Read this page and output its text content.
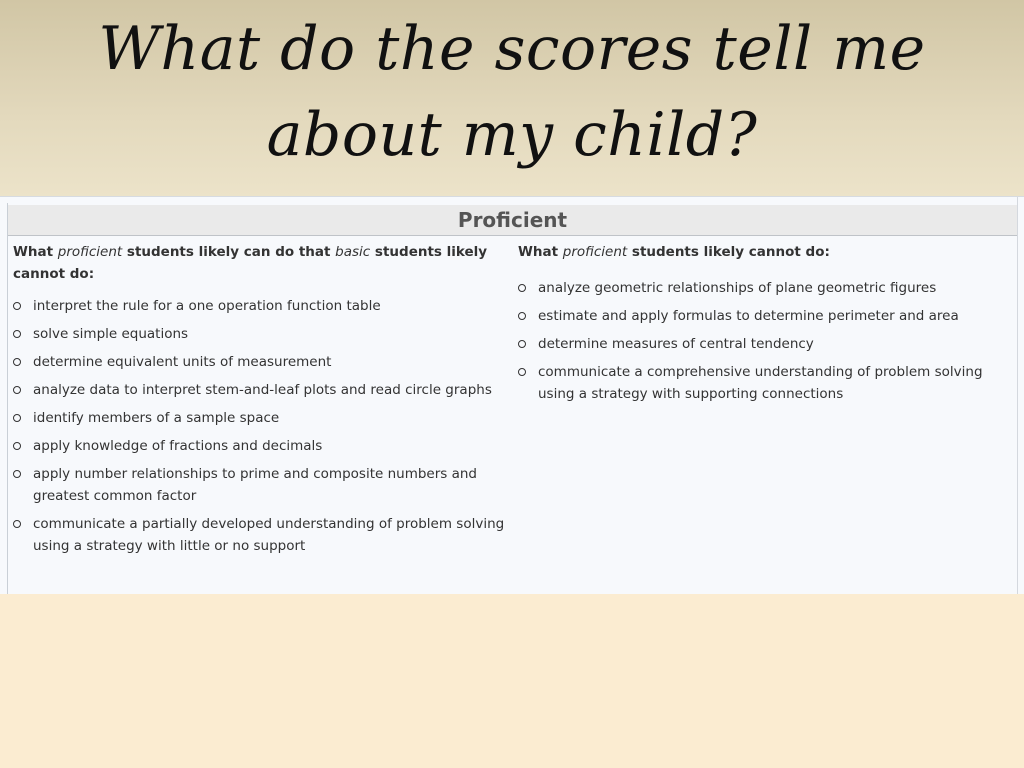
What do the scores tell me
about my child?
Proficient

What proficient students likely can do that basic students likely cannot do:

interpret the rule for a one operation function table
solve simple equations
determine equivalent units of measurement
analyze data to interpret stem-and-leaf plots and read circle graphs
identify members of a sample space
apply knowledge of fractions and decimals
apply number relationships to prime and composite numbers and greatest common factor
communicate a partially developed understanding of problem solving using a strategy with little or no support

What proficient students likely cannot do:

analyze geometric relationships of plane geometric figures
estimate and apply formulas to determine perimeter and area
determine measures of central tendency
communicate a comprehensive understanding of problem solving using a strategy with supporting connections
